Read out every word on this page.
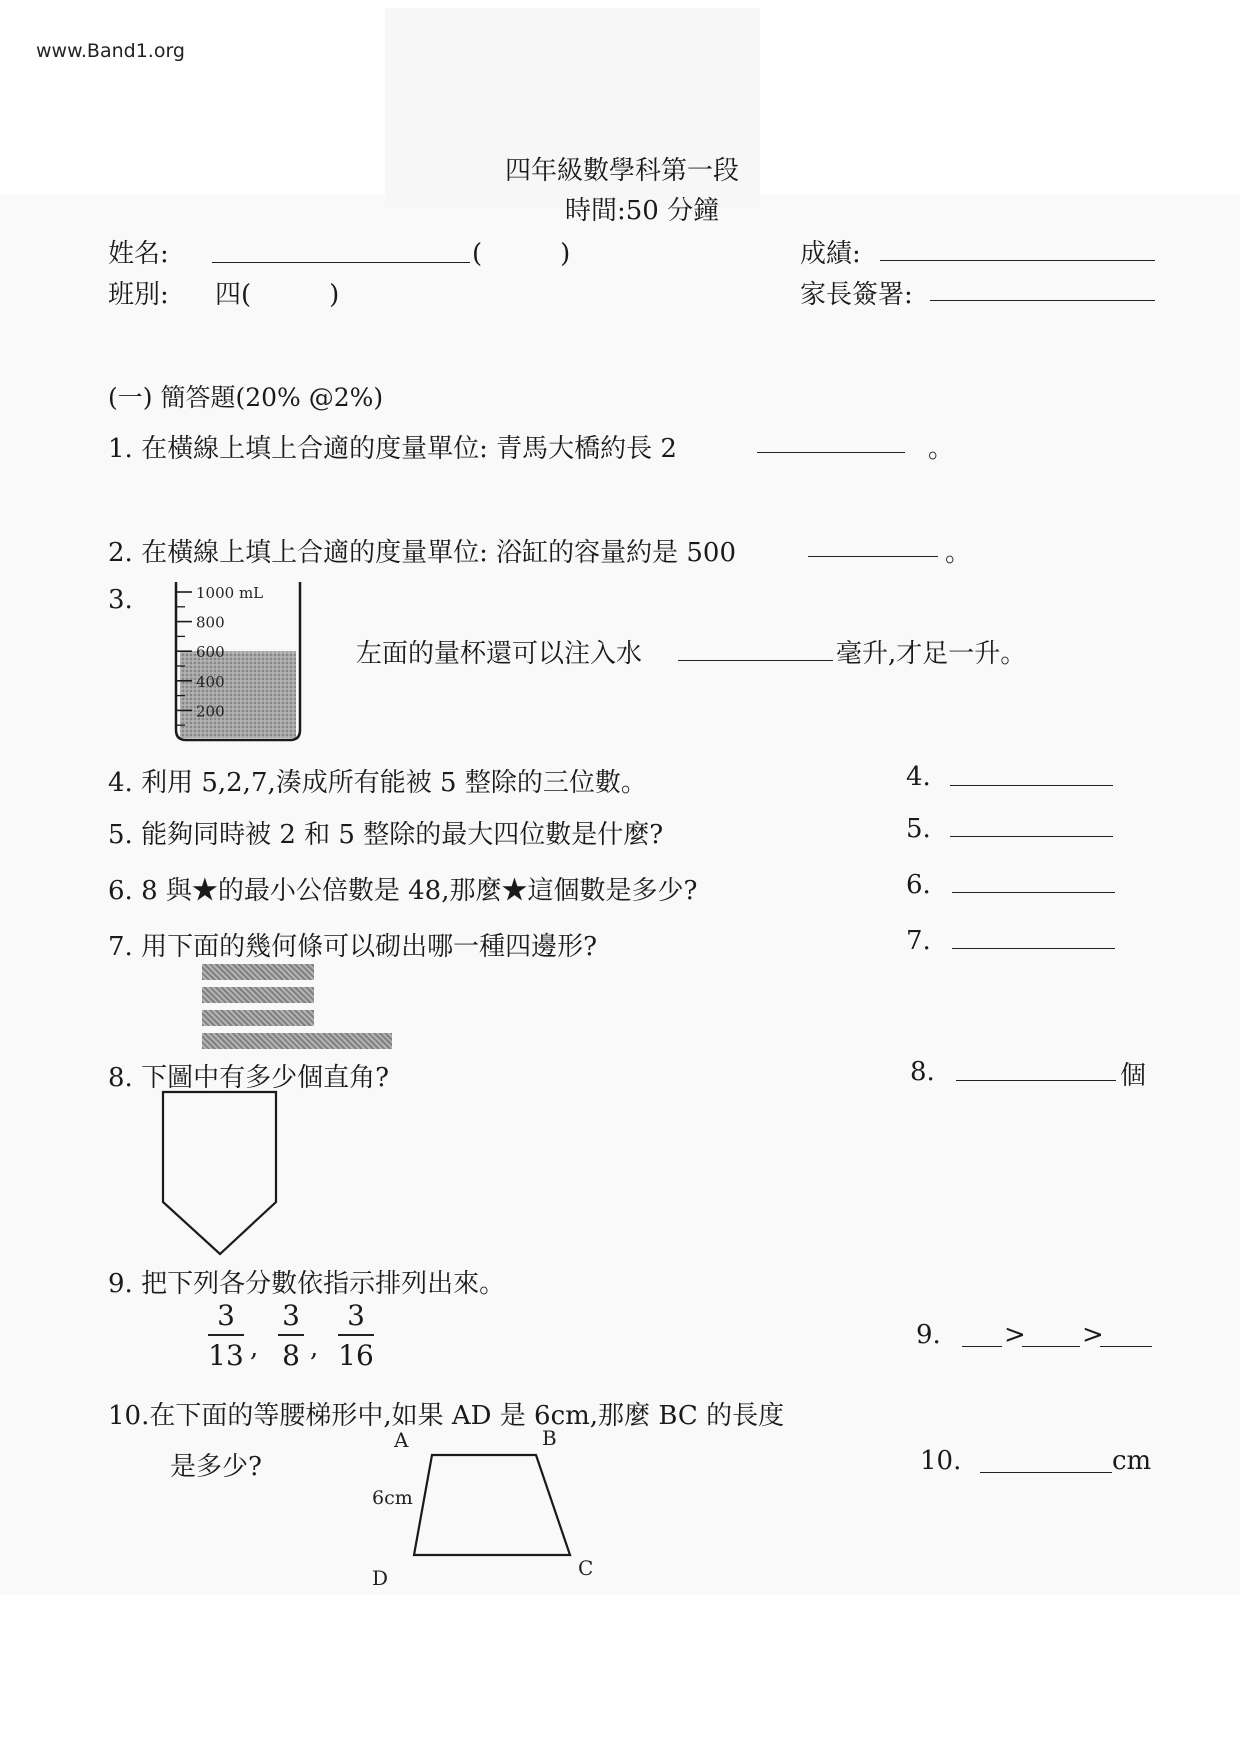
www.Band1.org
四年級數學科第一段
時間:50 分鐘
姓名:	(　　　)	成績:
班別: 四(　　　)	家長簽署:
(一) 簡答題(20% @2%)
1. 在橫線上填上合適的度量單位: 青馬大橋約長 2	。
2. 在橫線上填上合適的度量單位: 浴缸的容量約是 500	。
3.	1000 mL
800
600
400
200
左面的量杯還可以注入水	毫升,才足一升。
4. 利用 5,2,7,湊成所有能被 5 整除的三位數。	4.
5. 能夠同時被 2 和 5 整除的最大四位數是什麼?	5.
6. 8 與★的最小公倍數是 48,那麼★這個數是多少?	6.
7. 用下面的幾何條可以砌出哪一種四邊形?	7.
8. 下圖中有多少個直角?	8.	個
9. 把下列各分數依指示排列出來。
$\frac{3}{13}$ , $\frac{3}{8}$ , $\frac{3}{16}$	9. > >
10.在下面的等腰梯形中,如果 AD 是 6cm,那麼 BC 的長度
是多少?	10.	cm
A	B
C
D
6cm
